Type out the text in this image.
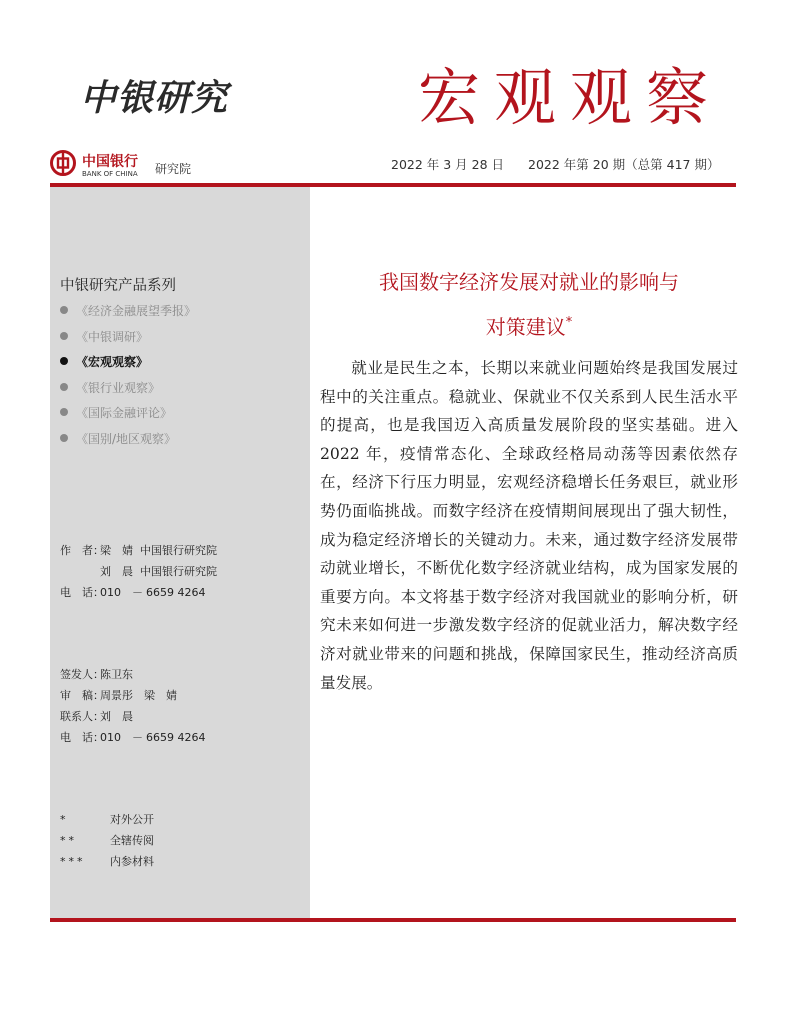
中银研究	宏观观察
中国银行
BANK OF CHINA 研究院	2022 年 3 月 28 日 2022 年第 20 期（总第 417 期）
中银研究产品系列
《经济金融展望季报》
《中银调研》
《宏观观察》
《银行业观察》
《国际金融评论》
《国别/地区观察》
作　者：梁　婧 中国银行研究院
刘　晨 中国银行研究院
电　话：010　－ 6659 4264
签发人：陈卫东
审　稿：周景彤　梁　婧
联系人：刘　晨
电　话：010　－ 6659 4264
*	对外公开
**	全辖传阅
*** 内参材料
我国数字经济发展对就业的影响与
对策建议*

就业是民生之本，长期以来就业问题始终是我国发展过程中的关注重点。稳就业、保就业不仅关系到人民生活水平的提高，也是我国迈入高质量发展阶段的坚实基础。进入 2022 年，疫情常态化、全球政经格局动荡等因素依然存在，经济下行压力明显，宏观经济稳增长任务艰巨，就业形势仍面临挑战。而数字经济在疫情期间展现出了强大韧性，成为稳定经济增长的关键动力。未来，通过数字经济发展带动就业增长，不断优化数字经济就业结构，成为国家发展的重要方向。本文将基于数字经济对我国就业的影响分析，研究未来如何进一步激发数字经济的促就业活力，解决数字经济对就业带来的问题和挑战，保障国家民生，推动经济高质量发展。
